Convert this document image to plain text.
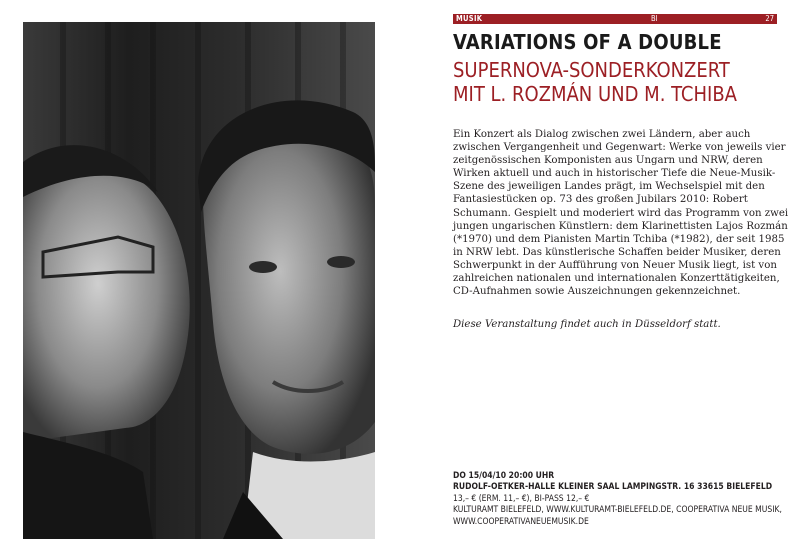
MUSIK	BI	27
VARIATIONS OF A DOUBLE
SUPERNOVA-SONDERKONZERT
MIT L. ROZMÁN UND M. TCHIBA

Ein Konzert als Dialog zwischen zwei Ländern, aber auch zwischen Vergangenheit und Gegenwart: Werke von jeweils vier zeitgenössischen Komponisten aus Ungarn und NRW, deren Wirken aktuell und auch in historischer Tiefe die Neue-Musik-Szene des jeweiligen Landes prägt, im Wechselspiel mit den Fantasiestücken op. 73 des großen Jubilars 2010: Robert Schumann. Gespielt und moderiert wird das Programm von zwei jungen ungarischen Künstlern: dem Klarinettisten Lajos Rozmán (*1970) und dem Pianisten Martin Tchiba (*1982), der seit 1985 in NRW lebt. Das künstlerische Schaffen beider Musiker, deren Schwerpunkt in der Aufführung von Neuer Musik liegt, ist von zahlreichen nationalen und internationalen Konzerttätigkeiten, CD-Aufnahmen sowie Auszeichnungen gekennzeichnet.

Diese Veranstaltung findet auch in Düsseldorf statt.

DO 15/04/10 20:00 UHR
RUDOLF-OETKER-HALLE KLEINER SAAL LAMPINGSTR. 16 33615 BIELEFELD
13,– € (ERM. 11,– €), BI-PASS 12,– €
KULTURAMT BIELEFELD, WWW.KULTURAMT-BIELEFELD.DE, COOPERATIVA NEUE MUSIK, WWW.COOPERATIVANEUEMUSIK.DE
